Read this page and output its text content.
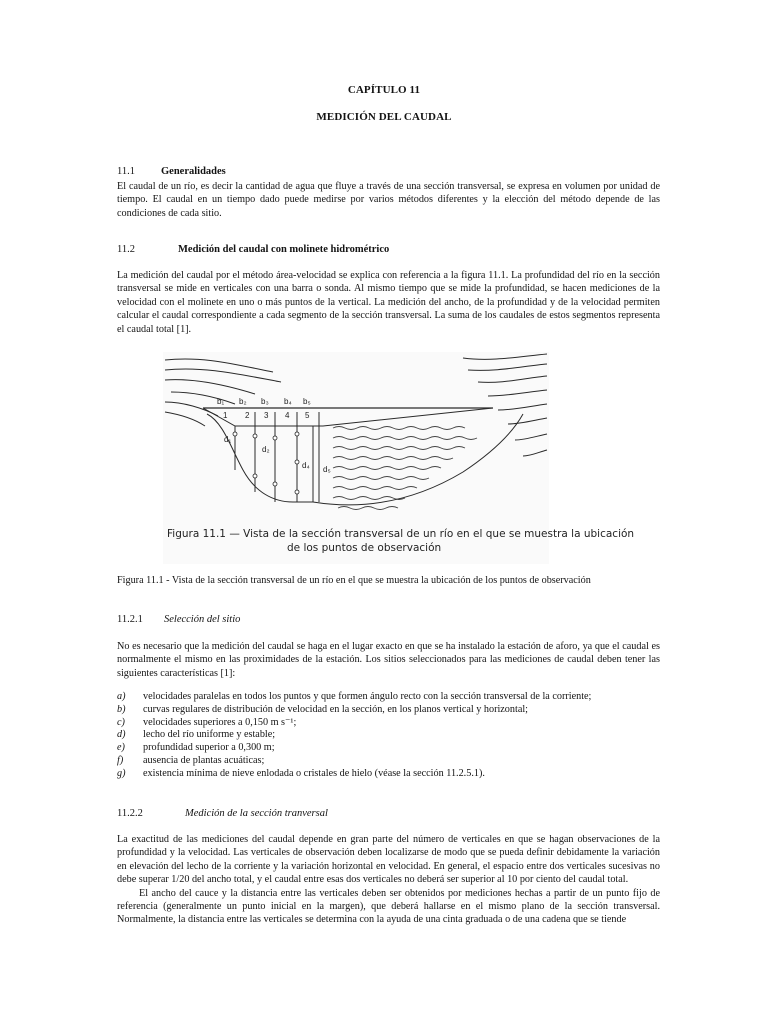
CAPÍTULO 11
MEDICIÓN DEL CAUDAL
11.1 Generalidades
El caudal de un río, es decir la cantidad de agua que fluye a través de una sección transversal, se expresa en volumen por unidad de tiempo. El caudal en un tiempo dado puede medirse por varios métodos diferentes y la elección del método depende de las condiciones de cada sitio.
11.2	Medición del caudal con molinete hidrométrico
La medición del caudal por el método área-velocidad se explica con referencia a la figura 11.1. La profundidad del río en la sección transversal se mide en verticales con una barra o sonda. Al mismo tiempo que se mide la profundidad, se hacen mediciones de la velocidad con el molinete en uno o más puntos de la vertical. La medición del ancho, de la profundidad y de la velocidad permiten calcular el caudal correspondiente a cada segmento de la sección transversal. La suma de los caudales de estos segmentos representa el caudal total [1].
b₁ b₂ b₃ b₄ b₅
1 2 3 4 5
d₁
d₂
d₄ d₅
Figura 11.1 — Vista de la sección transversal de un río en el que se muestra la ubicación
de los puntos de observación
Figura 11.1 - Vista de la sección transversal de un río en el que se muestra la ubicación de los puntos de observación
11.2.1 Selección del sitio
No es necesario que la medición del caudal se haga en el lugar exacto en que se ha instalado la estación de aforo, ya que el caudal es normalmente el mismo en las proximidades de la estación. Los sitios seleccionados para las mediciones de caudal deben tener las siguientes características [1]:
a) velocidades paralelas en todos los puntos y que formen ángulo recto con la sección transversal de la corriente;
b) curvas regulares de distribución de velocidad en la sección, en los planos vertical y horizontal;
c) velocidades superiores a 0,150 m s⁻¹;
d) lecho del río uniforme y estable;
e) profundidad superior a 0,300 m;
f) ausencia de plantas acuáticas;
g) existencia mínima de nieve enlodada o cristales de hielo (véase la sección 11.2.5.1).
11.2.2	Medición de la sección tranversal
La exactitud de las mediciones del caudal depende en gran parte del número de verticales en que se hagan observaciones de la profundidad y la velocidad. Las verticales de observación deben localizarse de modo que se pueda definir debidamente la variación en elevación del lecho de la corriente y la variación horizontal en velocidad. En general, el espacio entre dos verticales sucesivas no debe superar 1/20 del ancho total, y el caudal entre esas dos verticales no deberá ser superior al 10 por ciento del caudal total.
El ancho del cauce y la distancia entre las verticales deben ser obtenidos por mediciones hechas a partir de un punto fijo de referencia (generalmente un punto inicial en la margen), que deberá hallarse en el mismo plano de la sección transversal. Normalmente, la distancia entre las verticales se determina con la ayuda de una cinta graduada o de una cadena que se tiende
